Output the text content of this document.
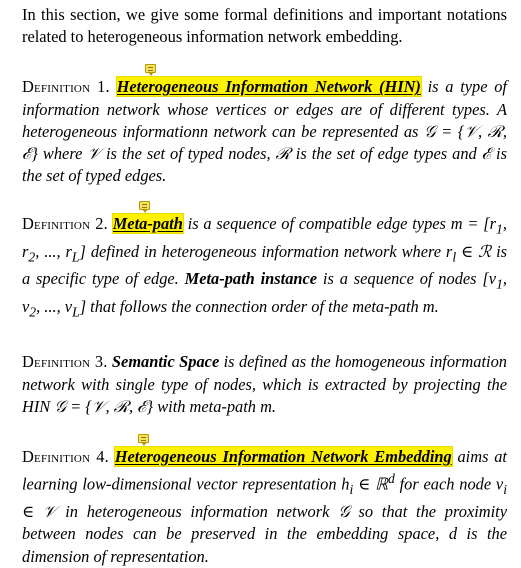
In this section, we give some formal definitions and important notations related to heterogeneous information network embedding.

Definition 1. Heterogeneous Information Network (HIN) is a type of information network whose vertices or edges are of different types. A heterogeneous informationn network can be represented as 𝒢 = {𝒱, ℛ, ℰ} where 𝒱 is the set of typed nodes, ℛ is the set of edge types and ℰ is the set of typed edges.

Definition 2. Meta-path is a sequence of compatible edge types $m = [r_1$, $r_2$, ..., $r_L$] defined in heterogeneous information network where $r_l$ ∈ ℛ is a specific type of edge. Meta-path instance is a sequence of nodes [$v_1$, $v_2$, ..., $v_L$] that follows the connection order of the meta-path m.

Definition 3. Semantic Space is defined as the homogeneous information network with single type of nodes, which is extracted by projecting the HIN 𝒢 = {𝒱, ℛ, ℰ} with meta-path m.

Definition 4. Heterogeneous Information Network Embedding aims at learning low-dimensional vector representation $h_i$ ∈ ℝ$^d$ for each node $v_i$ ∈ 𝒱 in heterogeneous information network 𝒢 so that the proximity between nodes can be preserved in the embedding space, d is the dimension of representation.
